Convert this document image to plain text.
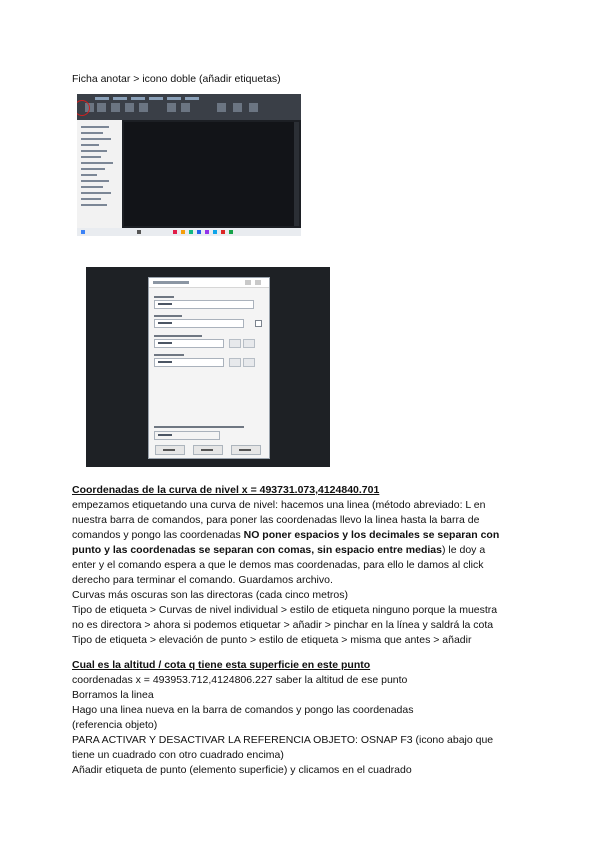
Ficha anotar > icono doble (añadir etiquetas)
Coordenadas de la curva de nivel x = 493731.073,4124840.701
empezamos etiquetando una curva de nivel: hacemos una linea (método abreviado: L en
nuestra barra de comandos, para poner las coordenadas llevo la linea hasta la barra de
comandos y pongo las coordenadas NO poner espacios y los decimales se separan con
punto y las coordenadas se separan con comas, sin espacio entre medias) le doy a
enter y el comando espera a que le demos mas coordenadas, para ello le damos al click
derecho para terminar el comando. Guardamos archivo.
Curvas más oscuras son las directoras (cada cinco metros)
Tipo de etiqueta > Curvas de nivel individual > estilo de etiqueta ninguno porque la muestra
no es directora > ahora si podemos etiquetar > añadir > pinchar en la línea y saldrá la cota
Tipo de etiqueta > elevación de punto > estilo de etiqueta > misma que antes > añadir
Cual es la altitud / cota q tiene esta superficie en este punto
coordenadas x = 493953.712,4124806.227 saber la altitud de ese punto
Borramos la linea
Hago una linea nueva en la barra de comandos y pongo las coordenadas
(referencia objeto)
PARA ACTIVAR Y DESACTIVAR LA REFERENCIA OBJETO: OSNAP F3 (icono abajo que
tiene un cuadrado con otro cuadrado encima)
Añadir etiqueta de punto (elemento superficie) y clicamos en el cuadrado
